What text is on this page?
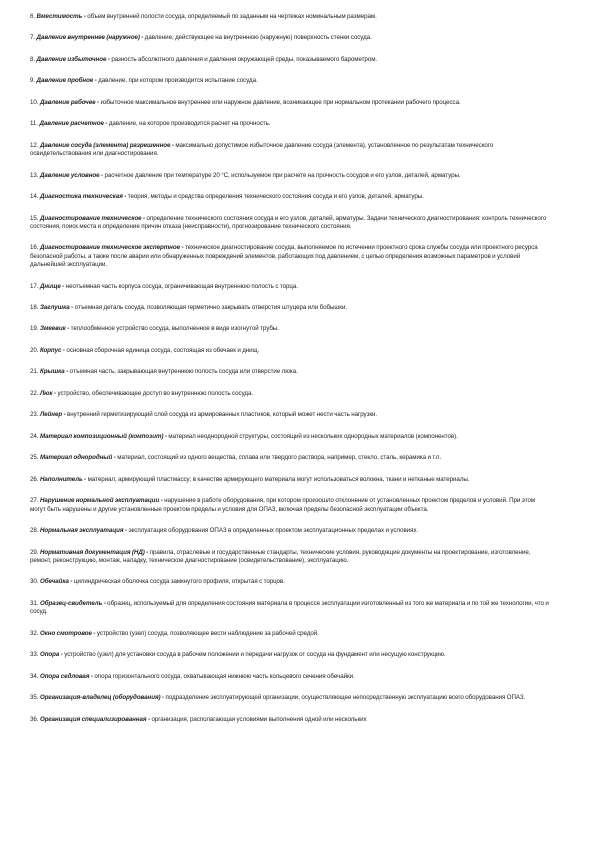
6. Вместимость - объем внутренней полости сосуда, определяемый по заданным на чертежах номинальным размерам.

7. Давление внутреннее (наружное) - давление, действующее на внутреннюю (наружную) поверхность стенки сосуда.

8. Давление избыточное - разность абсолютного давления и давления окружающей среды, показываемого барометром.

9. Давление пробное - давление, при котором производится испытание сосуда.

10. Давление рабочее - избыточное максимальное внутреннее или наружное давление, возникающее при нормальном протекании рабочего процесса.

11. Давление расчетное - давление, на которое производится расчет на прочность.

12. Давление сосуда (элемента) разрешенное - максимально допустимое избыточное давление сосуда (элемента), установленное по результатам технического освидетельствования или диагностирования.

13. Давление условное - расчетное давление при температуре 20 °С, используемое при расчете на прочность сосудов и его узлов, деталей, арматуры.

14. Диагностика техническая - теория, методы и средства определения технического состояния сосуда и его узлов, деталей, арматуры.

15. Диагностирование техническое - определение технического состояния сосуда и его узлов, деталей, арматуры. Задачи технического диагностирования: контроль технического состояния, поиск места и определение причин отказа (неисправности), прогнозирование технического состояния.

16. Диагностирование техническое экспертное - техническое диагностирование сосуда, выполняемое по истечении проектного срока службы сосуда или проектного ресурса безопасной работы, а также после аварии или обнаруженных повреждений элементов, работающих под давлением, с целью определения возможных параметров и условий дальнейшей эксплуатации.

17. Днище - неотъемная часть корпуса сосуда, ограничивающая внутреннюю полость с торца.

18. Заглушка - отъемная деталь сосуда, позволяющая герметично закрывать отверстия штуцера или бобышки.

19. Змеевик - теплообменное устройство сосуда, выполненное в виде изогнутой трубы.

20. Корпус - основная сборочная единица сосуда, состоящая из обечаек и днищ.

21. Крышка - отъемная часть, закрывающая внутреннюю полость сосуда или отверстие люка.

22. Люк - устройство, обеспечивающее доступ во внутреннюю полость сосуда.

23. Лейнер - внутренний герметизирующий слой сосуда из армированных пластиков, который может нести часть нагрузки.

24. Материал композиционный (композит) - материал неоднородной структуры, состоящий из нескольких однородных материалов (компонентов).

25. Материал однородный - материал, состоящий из одного вещества, сплава или твердого раствора, например, стекло, сталь, керамика и т.п.

26. Наполнитель - материал, армирующий пластмассу; в качестве армирующего материала могут использоваться волокна, ткани и нетканые материалы.

27. Нарушение нормальной эксплуатации - нарушение в работе оборудования, при котором произошло отклонение от установленных проектом пределов и условий. При этом могут быть нарушены и другие установленные проектом пределы и условия для ОПАЗ, включая пределы безопасной эксплуатации объекта.

28. Нормальная эксплуатация - эксплуатация оборудования ОПАЗ в определенных проектом эксплуатационных пределах и условиях.

29. Нормативная документация (НД) - правила, отраслевые и государственные стандарты, технические условия, руководящие документы на проектирование, изготовление, ремонт, реконструкцию, монтаж, наладку, техническое диагностирование (освидетельствование), эксплуатацию.

30. Обечайка - цилиндрическая оболочка сосуда замкнутого профиля, открытая с торцов.

31. Образец-свидетель - образец, используемый для определения состояния материала в процессе эксплуатации изготовленный из того же материала и по той же технологии, что и сосуд.

32. Окно смотровое - устройство (узел) сосуда, позволяющее вести наблюдение за рабочей средой.

33. Опора - устройство (узел) для установки сосуда в рабочем положении и передачи нагрузок от сосуда на фундамент или несущую конструкцию.

34. Опора седловая - опора горизонтального сосуда, охватывающая нижнюю часть кольцевого сечения обечайки.

35. Организация-владелец (оборудования) - подразделение эксплуатирующей организации, осуществляющее непосредственную эксплуатацию всего оборудования ОПАЗ.

36. Организация специализированная - организация, располагающая условиями выполнения одной или нескольких
